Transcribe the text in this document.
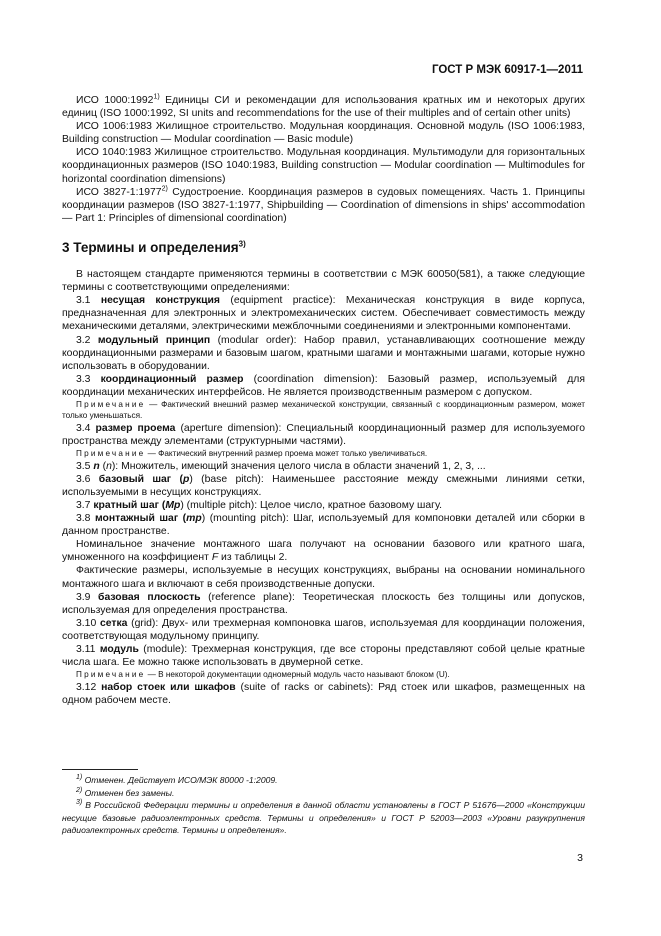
ГОСТ Р МЭК 60917-1—2011

ИСО 1000:1992$^{1)}$ Единицы СИ и рекомендации для использования кратных им и некоторых других единиц (ISO 1000:1992, SI units and recommendations for the use of their multiples and of certain other units)

ИСО 1006:1983 Жилищное строительство. Модульная координация. Основной модуль (ISO 1006:1983, Building construction — Modular coordination — Basic module)

ИСО 1040:1983 Жилищное строительство. Модульная координация. Мультимодули для горизонтальных координационных размеров (ISO 1040:1983, Building construction — Modular coordination — Multimodules for horizontal coordination dimensions)

ИСО 3827-1:1977$^{2)}$ Судостроение. Координация размеров в судовых помещениях. Часть 1. Принципы координации размеров (ISO 3827-1:1977, Shipbuilding — Coordination of dimensions in ships' accommodation — Part 1: Principles of dimensional coordination)

3 Термины и определения$^{3)}$

В настоящем стандарте применяются термины в соответствии с МЭК 60050(581), а также следующие термины с соответствующими определениями:

3.1 несущая конструкция (equipment practice): Механическая конструкция в виде корпуса, предназначенная для электронных и электромеханических систем. Обеспечивает совместимость между механическими деталями, электрическими межблочными соединениями и электронными компонентами.

3.2 модульный принцип (modular order): Набор правил, устанавливающих соотношение между координационными размерами и базовым шагом, кратными шагами и монтажными шагами, которые нужно использовать в оборудовании.

3.3 координационный размер (coordination dimension): Базовый размер, используемый для координации механических интерфейсов. Не является производственным размером с допуском.

Примечание — Фактический внешний размер механической конструкции, связанный с координационным размером, может только уменьшаться.

3.4 размер проема (aperture dimension): Специальный координационный размер для используемого пространства между элементами (структурными частями).

Примечание — Фактический внутренний размер проема может только увеличиваться.

3.5 n (n): Множитель, имеющий значения целого числа в области значений 1, 2, 3, ...

3.6 базовый шаг (p) (base pitch): Наименьшее расстояние между смежными линиями сетки, используемыми в несущих конструкциях.

3.7 кратный шаг (Mp) (multiple pitch): Целое число, кратное базовому шагу.

3.8 монтажный шаг (mp) (mounting pitch): Шаг, используемый для компоновки деталей или сборки в данном пространстве.

Номинальное значение монтажного шага получают на основании базового или кратного шага, умноженного на коэффициент F из таблицы 2.

Фактические размеры, используемые в несущих конструкциях, выбраны на основании номинального монтажного шага и включают в себя производственные допуски.

3.9 базовая плоскость (reference plane): Теоретическая плоскость без толщины или допусков, используемая для определения пространства.

3.10 сетка (grid): Двух- или трехмерная компоновка шагов, используемая для координации положения, соответствующая модульному принципу.

3.11 модуль (module): Трехмерная конструкция, где все стороны представляют собой целые кратные числа шага. Ее можно также использовать в двумерной сетке.

Примечание — В некоторой документации одномерный модуль часто называют блоком (U).

3.12 набор стоек или шкафов (suite of racks or cabinets): Ряд стоек или шкафов, размещенных на одном рабочем месте.

$^{1)}$ Отменен. Действует ИСО/МЭК 80000 -1:2009.

$^{2)}$ Отменен без замены.

$^{3)}$ В Российской Федерации термины и определения в данной области установлены в ГОСТ Р 51676—2000 «Конструкции несущие базовые радиоэлектронных средств. Термины и определения» и ГОСТ Р 52003—2003 «Уровни разукрупнения радиоэлектронных средств. Термины и определения».

3
